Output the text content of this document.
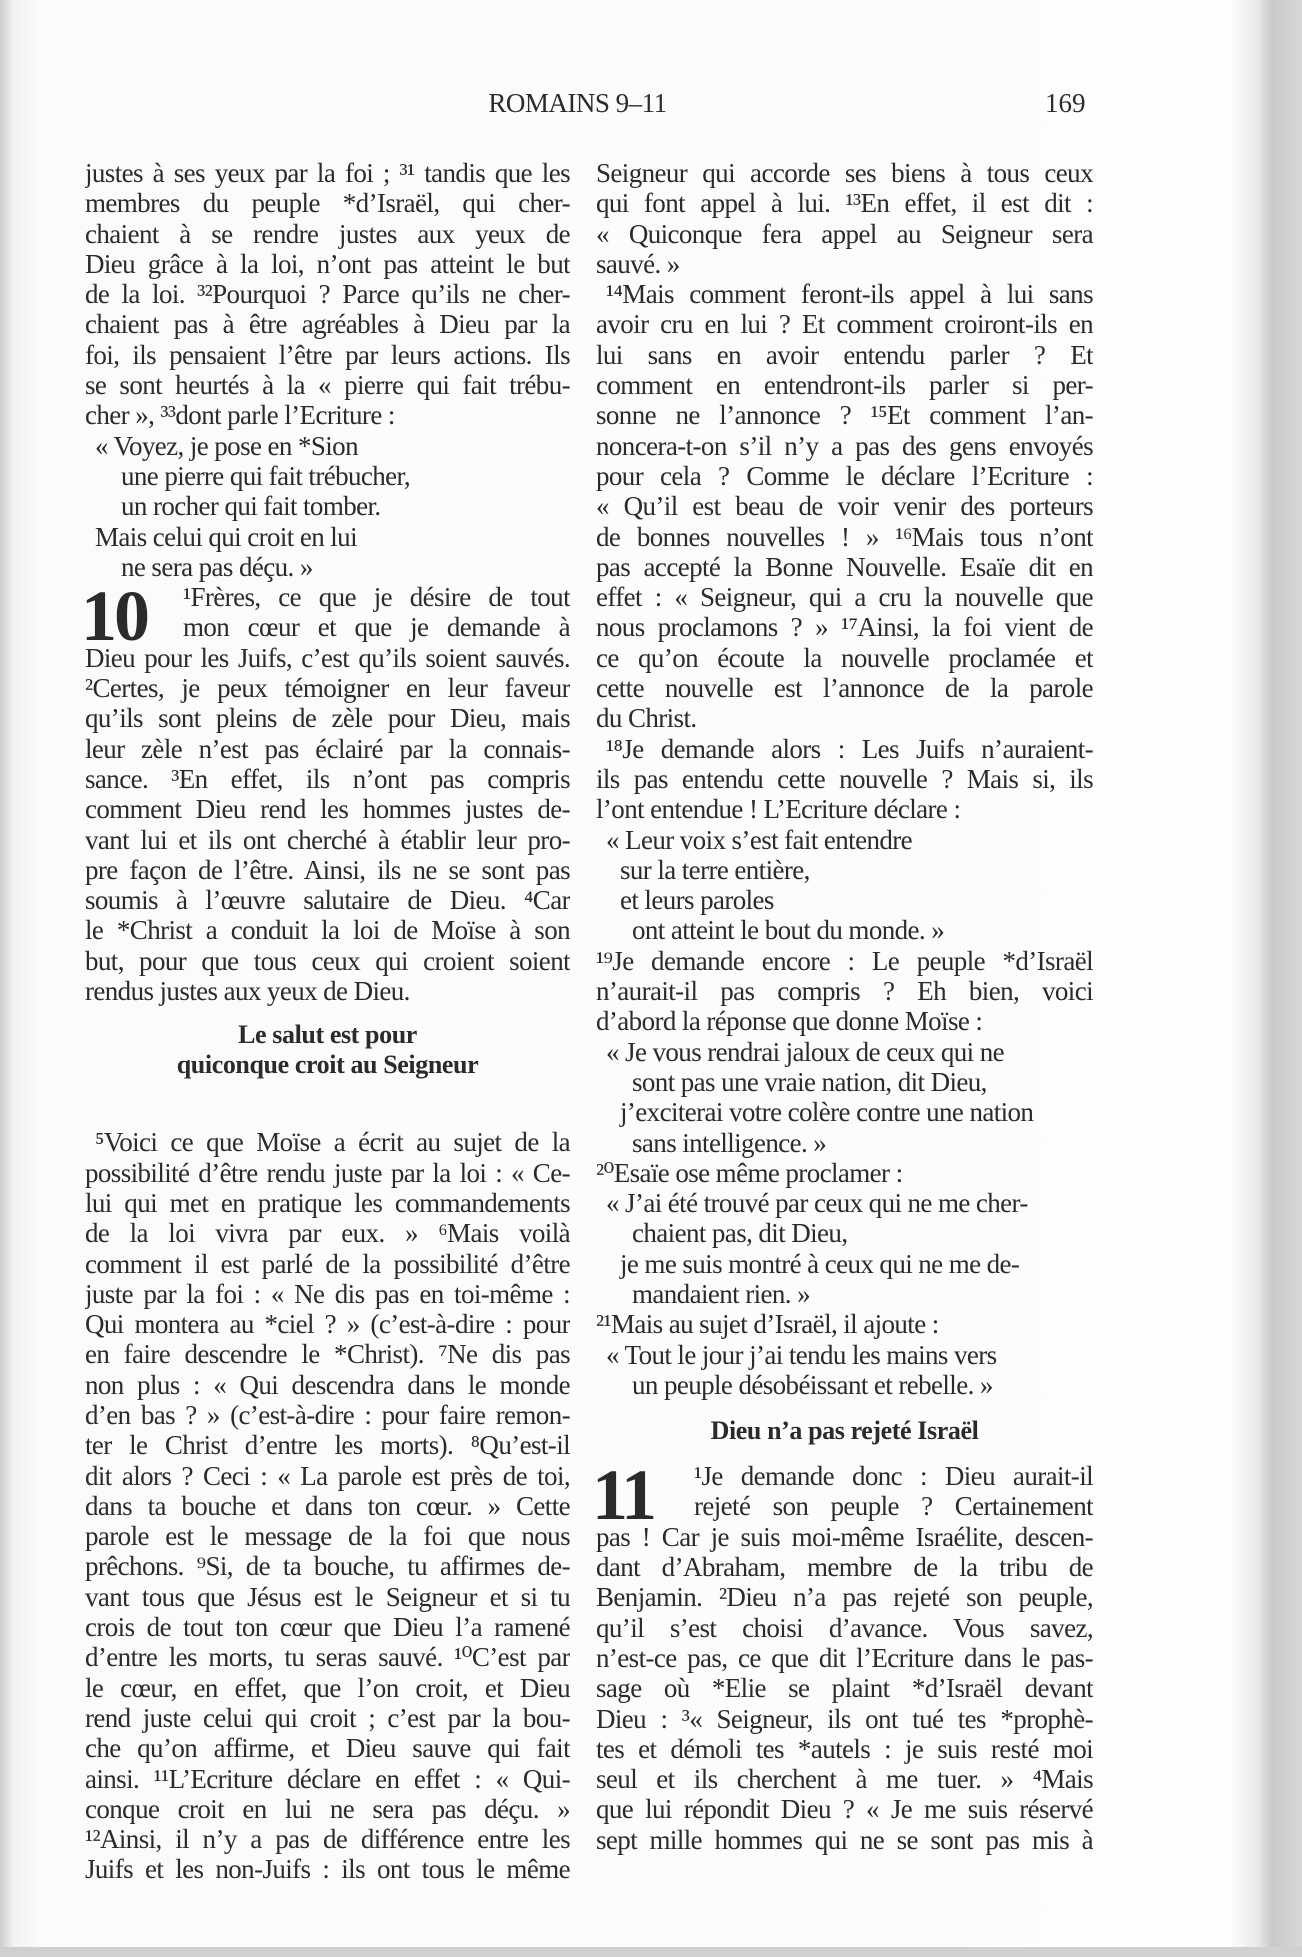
ROMAINS 9–11	169
justes à ses yeux par la foi ; ³¹ tandis que les
membres du peuple *d’Israël, qui cher-
chaient à se rendre justes aux yeux de
Dieu grâce à la loi, n’ont pas atteint le but
de la loi. ³²Pourquoi ? Parce qu’ils ne cher-
chaient pas à être agréables à Dieu par la
foi, ils pensaient l’être par leurs actions. Ils
se sont heurtés à la « pierre qui fait trébu-
cher », ³³dont parle l’Ecriture :
« Voyez, je pose en *Sion
une pierre qui fait trébucher,
un rocher qui fait tomber.
Mais celui qui croit en lui
ne sera pas déçu. »
10	¹Frères, ce que je désire de tout
mon cœur et que je demande à
Dieu pour les Juifs, c’est qu’ils soient sauvés.
²Certes, je peux témoigner en leur faveur
qu’ils sont pleins de zèle pour Dieu, mais
leur zèle n’est pas éclairé par la connais-
sance. ³En effet, ils n’ont pas compris
comment Dieu rend les hommes justes de-
vant lui et ils ont cherché à établir leur pro-
pre façon de l’être. Ainsi, ils ne se sont pas
soumis à l’œuvre salutaire de Dieu. ⁴Car
le *Christ a conduit la loi de Moïse à son
but, pour que tous ceux qui croient soient
rendus justes aux yeux de Dieu.
Le salut est pour
quiconque croit au Seigneur
⁵Voici ce que Moïse a écrit au sujet de la
possibilité d’être rendu juste par la loi : « Ce-
lui qui met en pratique les commandements
de la loi vivra par eux. » ⁶Mais voilà
comment il est parlé de la possibilité d’être
juste par la foi : « Ne dis pas en toi-même :
Qui montera au *ciel ? » (c’est-à-dire : pour
en faire descendre le *Christ). ⁷Ne dis pas
non plus : « Qui descendra dans le monde
d’en bas ? » (c’est-à-dire : pour faire remon-
ter le Christ d’entre les morts). ⁸Qu’est-il
dit alors ? Ceci : « La parole est près de toi,
dans ta bouche et dans ton cœur. » Cette
parole est le message de la foi que nous
prêchons. ⁹Si, de ta bouche, tu affirmes de-
vant tous que Jésus est le Seigneur et si tu
crois de tout ton cœur que Dieu l’a ramené
d’entre les morts, tu seras sauvé. ¹⁰C’est par
le cœur, en effet, que l’on croit, et Dieu
rend juste celui qui croit ; c’est par la bou-
che qu’on affirme, et Dieu sauve qui fait
ainsi. ¹¹L’Ecriture déclare en effet : « Qui-
conque croit en lui ne sera pas déçu. »
¹²Ainsi, il n’y a pas de différence entre les
Juifs et les non-Juifs : ils ont tous le même
Seigneur qui accorde ses biens à tous ceux
qui font appel à lui. ¹³En effet, il est dit :
« Quiconque fera appel au Seigneur sera
sauvé. »
¹⁴Mais comment feront-ils appel à lui sans
avoir cru en lui ? Et comment croiront-ils en
lui sans en avoir entendu parler ? Et
comment en entendront-ils parler si per-
sonne ne l’annonce ? ¹⁵Et comment l’an-
noncera-t-on s’il n’y a pas des gens envoyés
pour cela ? Comme le déclare l’Ecriture :
« Qu’il est beau de voir venir des porteurs
de bonnes nouvelles ! » ¹⁶Mais tous n’ont
pas accepté la Bonne Nouvelle. Esaïe dit en
effet : « Seigneur, qui a cru la nouvelle que
nous proclamons ? » ¹⁷Ainsi, la foi vient de
ce qu’on écoute la nouvelle proclamée et
cette nouvelle est l’annonce de la parole
du Christ.
¹⁸Je demande alors : Les Juifs n’auraient-
ils pas entendu cette nouvelle ? Mais si, ils
l’ont entendue ! L’Ecriture déclare :
« Leur voix s’est fait entendre
sur la terre entière,
et leurs paroles
ont atteint le bout du monde. »
¹⁹Je demande encore : Le peuple *d’Israël
n’aurait-il pas compris ? Eh bien, voici
d’abord la réponse que donne Moïse :
« Je vous rendrai jaloux de ceux qui ne
sont pas une vraie nation, dit Dieu,
j’exciterai votre colère contre une nation
sans intelligence. »
²⁰Esaïe ose même proclamer :
« J’ai été trouvé par ceux qui ne me cher-
chaient pas, dit Dieu,
je me suis montré à ceux qui ne me de-
mandaient rien. »
²¹Mais au sujet d’Israël, il ajoute :
« Tout le jour j’ai tendu les mains vers
un peuple désobéissant et rebelle. »
Dieu n’a pas rejeté Israël
11	¹Je demande donc : Dieu aurait-il
rejeté son peuple ? Certainement
pas ! Car je suis moi-même Israélite, descen-
dant d’Abraham, membre de la tribu de
Benjamin. ²Dieu n’a pas rejeté son peuple,
qu’il s’est choisi d’avance. Vous savez,
n’est-ce pas, ce que dit l’Ecriture dans le pas-
sage où *Elie se plaint *d’Israël devant
Dieu : ³« Seigneur, ils ont tué tes *prophè-
tes et démoli tes *autels : je suis resté moi
seul et ils cherchent à me tuer. » ⁴Mais
que lui répondit Dieu ? « Je me suis réservé
sept mille hommes qui ne se sont pas mis à
